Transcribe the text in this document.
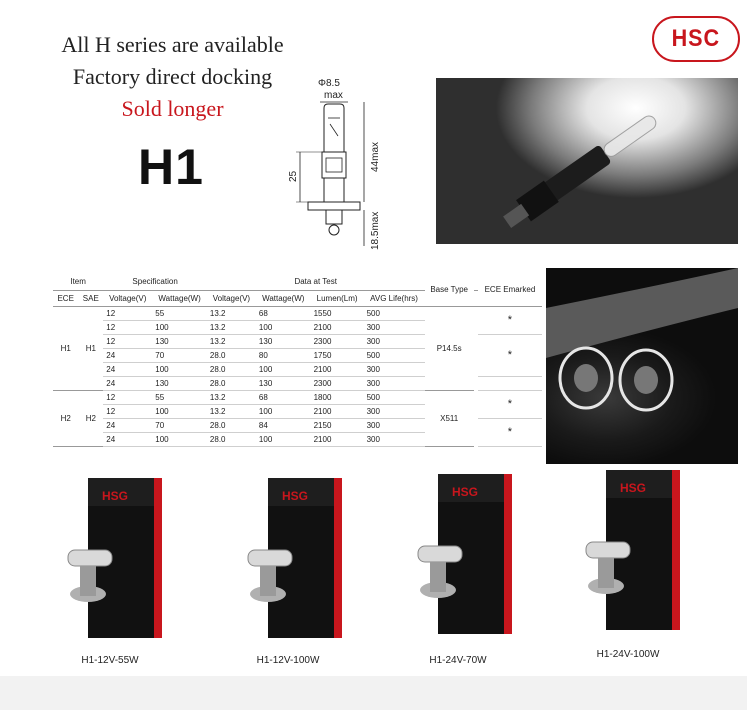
All H series are available
Factory direct docking
Sold longer
H1
HSC
Φ8.5
max
25
44max
18.5max
Item		Specification		Data at Test				Base Type		ECE Emarked
ECE	SAE	Voltage(V)	Wattage(W)	Voltage(V)	Wattage(W)	Lumen(Lm)	AVG Life(hrs)			
H1	H1	12	55	13.2	68	1550	500	P14.5s		*
		12	100	13.2	100	2100	300			
		12	130	13.2	130	2300	300			*
		24	70	28.0	80	1750	500			
		24	100	28.0	100	2100	300			
		24	130	28.0	130	2300	300			
H2	H2	12	55	13.2	68	1800	500	X511		*
		12	100	13.2	100	2100	300			
		24	70	28.0	84	2150	300			*
		24	100	28.0	100	2100	300			
HSG
H1-12V-55W
HSG
H1-12V-100W
HSG
H1-24V-70W
HSG
H1-24V-100W
